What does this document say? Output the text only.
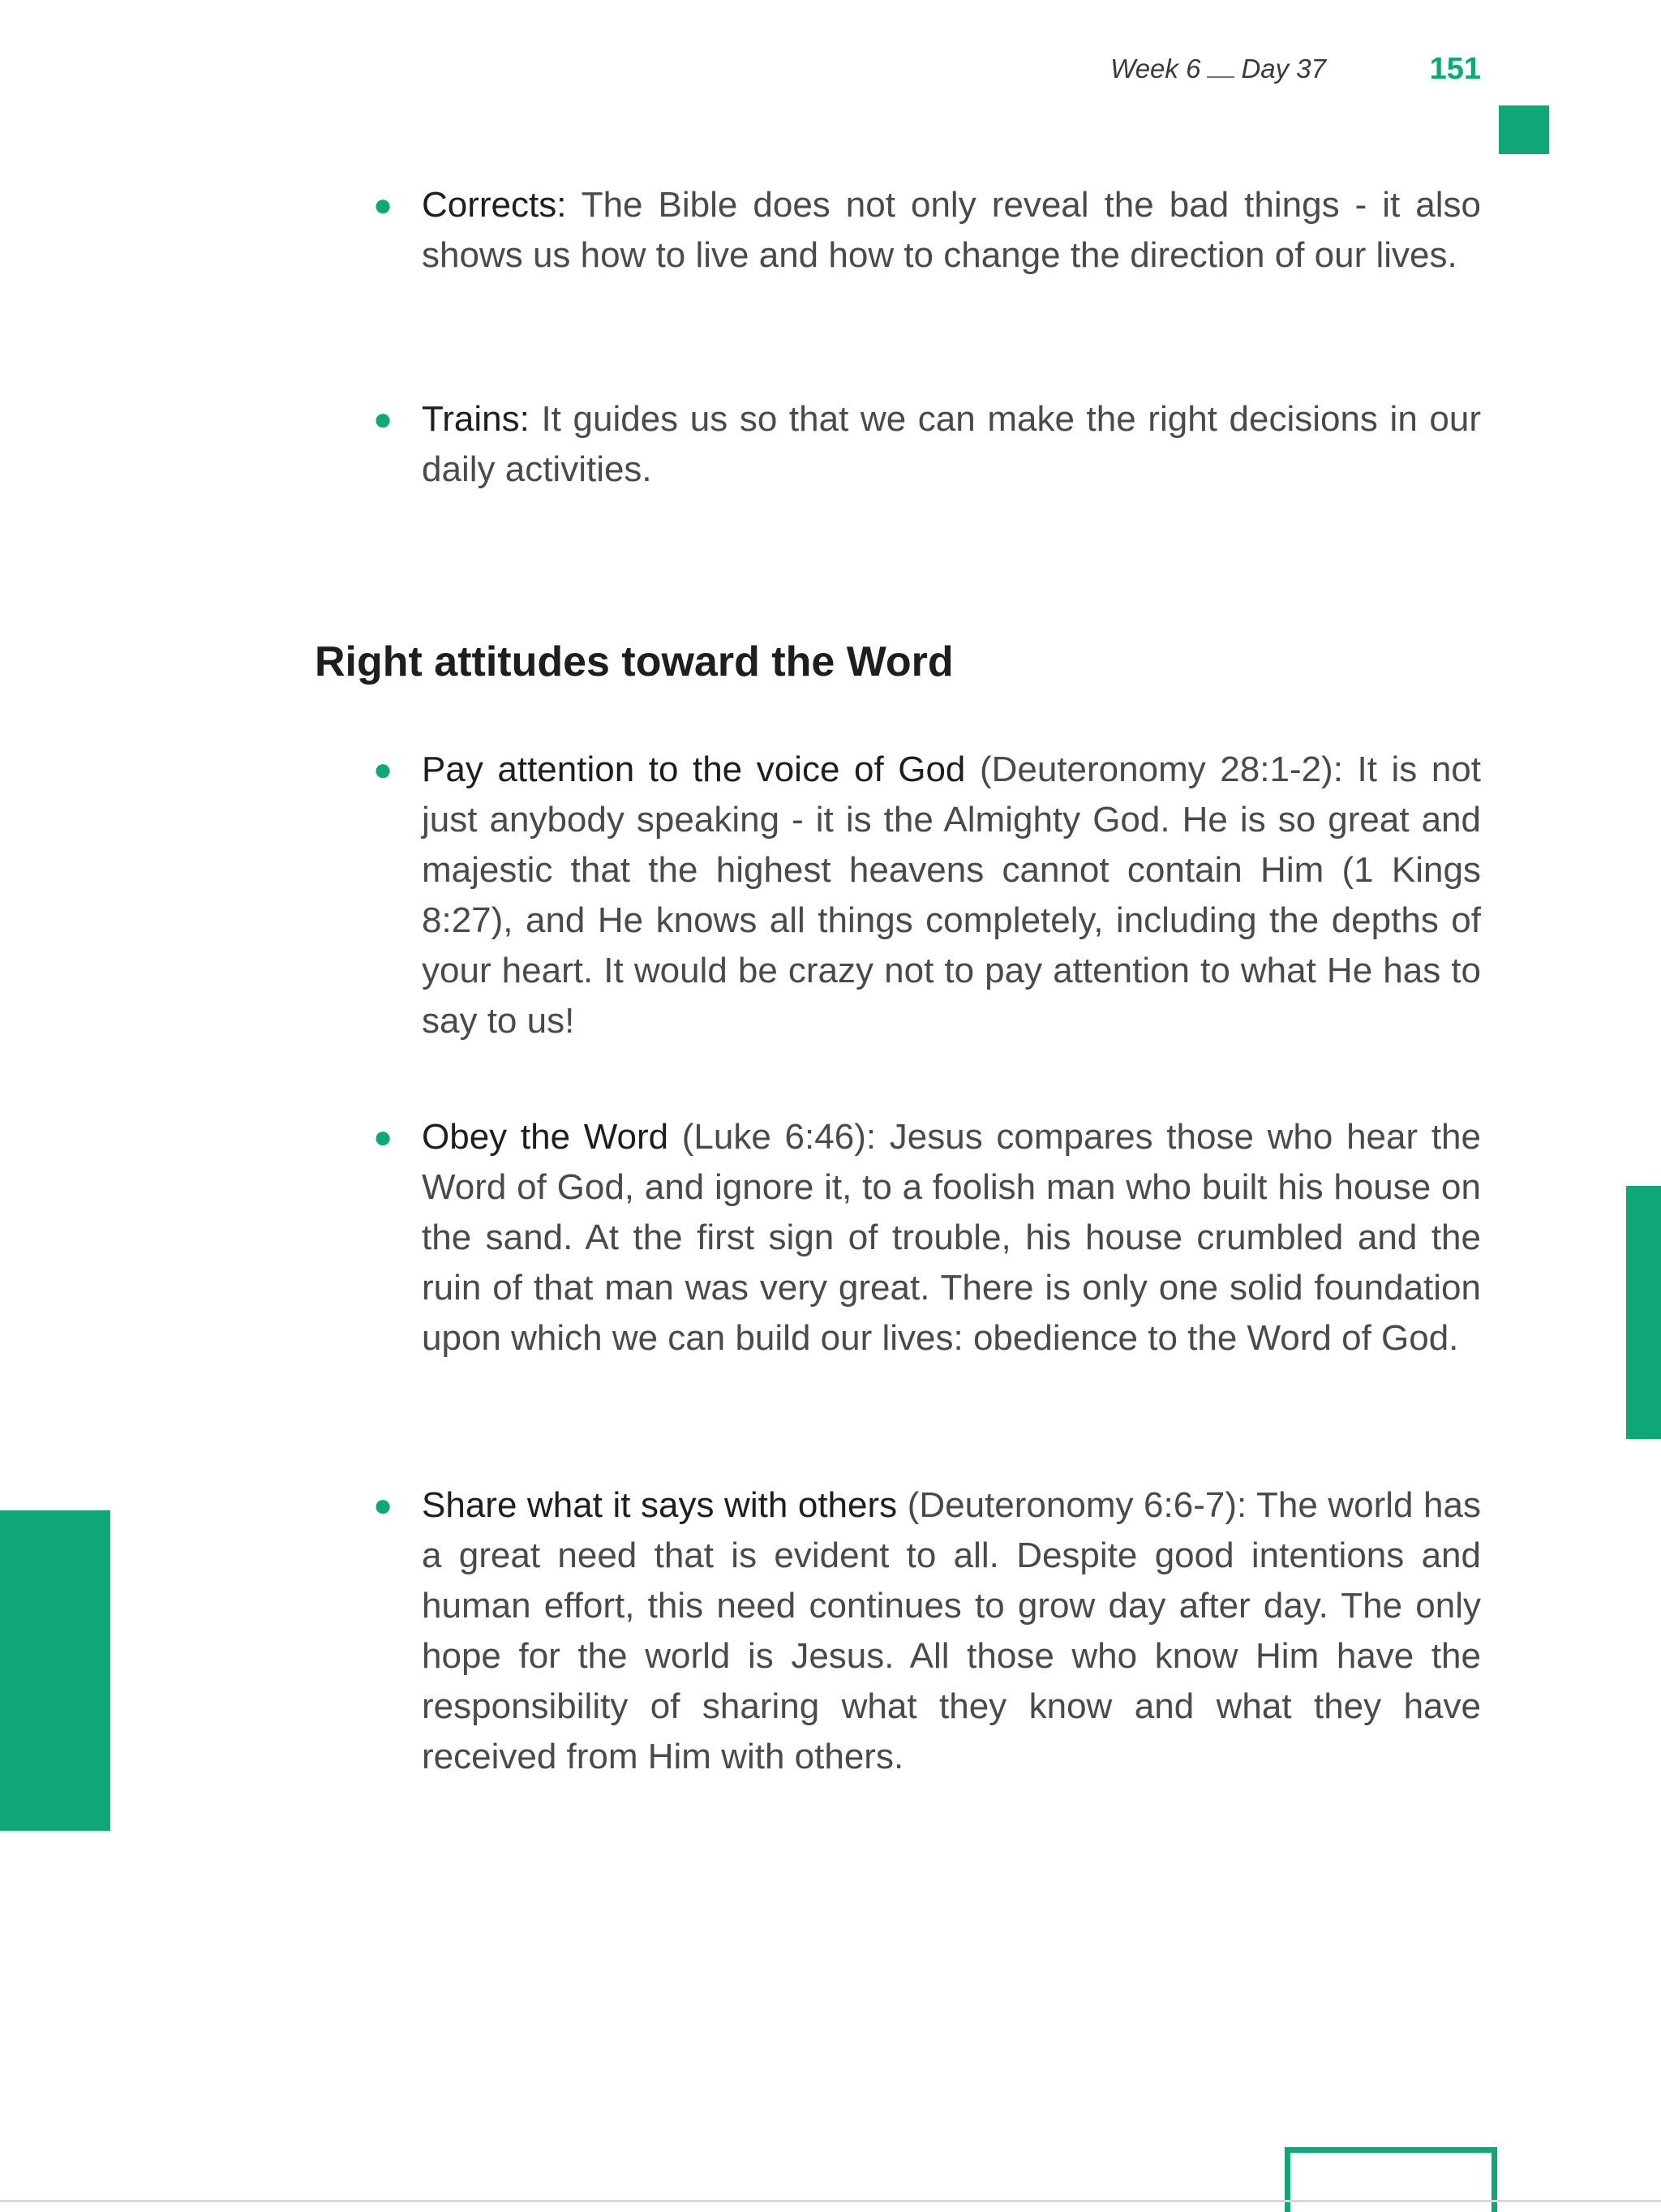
Week 6 Day 37	151
● Corrects: The Bible does not only reveal the bad things - it also shows us how to live and how to change the direction of our lives.
● Trains: It guides us so that we can make the right decisions in our daily activities.
Right attitudes toward the Word
● Pay attention to the voice of God (Deuteronomy 28:1-2): It is not just anybody speaking - it is the Almighty God. He is so great and majestic that the highest heavens cannot contain Him (1 Kings 8:27), and He knows all things completely, including the depths of your heart. It would be crazy not to pay attention to what He has to say to us!
● Obey the Word (Luke 6:46): Jesus compares those who hear the Word of God, and ignore it, to a foolish man who built his house on the sand. At the first sign of trouble, his house crumbled and the ruin of that man was very great. There is only one solid foundation upon which we can build our lives: obedience to the Word of God.
● Share what it says with others (Deuteronomy 6:6-7): The world has a great need that is evident to all. Despite good intentions and human effort, this need continues to grow day after day. The only hope for the world is Jesus. All those who know Him have the responsibility of sharing what they know and what they have received from Him with others.
